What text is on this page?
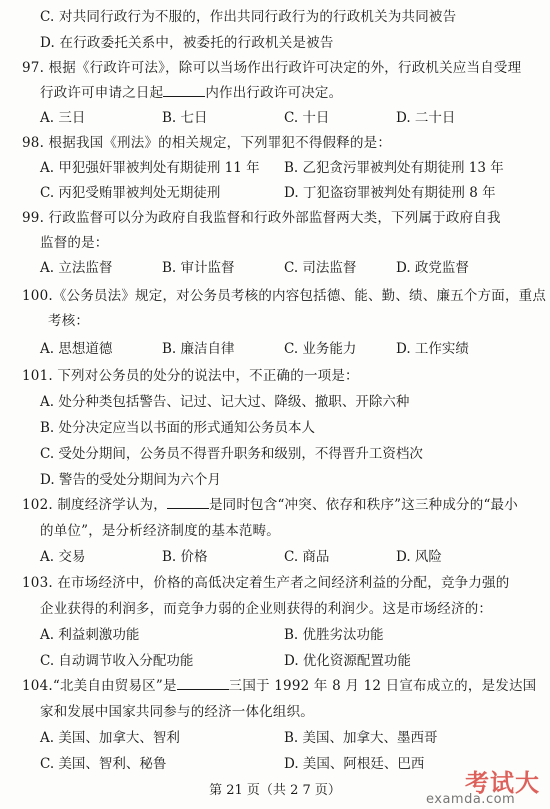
C. 对共同行政行为不服的，作出共同行政行为的行政机关为共同被告
D. 在行政委托关系中，被委托的行政机关是被告
97. 根据《行政许可法》，除可以当场作出行政许可决定的外，行政机关应当自受理
行政许可申请之日起	内作出行政许可决定。
A. 三日	B. 七日	C. 十日	D. 二十日
98. 根据我国《刑法》的相关规定，下列罪犯不得假释的是：
A. 甲犯强奸罪被判处有期徒刑 11 年 B. 乙犯贪污罪被判处有期徒刑 13 年
C. 丙犯受贿罪被判处无期徒刑	D. 丁犯盗窃罪被判处有期徒刑 8 年
99. 行政监督可以分为政府自我监督和行政外部监督两大类，下列属于政府自我
监督的是：
A. 立法监督	B. 审计监督	C. 司法监督	D. 政党监督
100.《公务员法》规定，对公务员考核的内容包括德、能、勤、绩、廉五个方面，重点
考核：
A. 思想道德	B. 廉洁自律	C. 业务能力	D. 工作实绩
101. 下列对公务员的处分的说法中，不正确的一项是：
A. 处分种类包括警告、记过、记大过、降级、撤职、开除六种
B. 处分决定应当以书面的形式通知公务员本人
C. 受处分期间，公务员不得晋升职务和级别，不得晋升工资档次
D. 警告的受处分期间为六个月
102. 制度经济学认为，	是同时包含“冲突、依存和秩序”这三种成分的“最小
的单位”，是分析经济制度的基本范畴。
A. 交易	B. 价格	C. 商品	D. 风险
103. 在市场经济中，价格的高低决定着生产者之间经济利益的分配，竞争力强的
企业获得的利润多，而竞争力弱的企业则获得的利润少。这是市场经济的：
A. 利益刺激功能	B. 优胜劣汰功能
C. 自动调节收入分配功能	D. 优化资源配置功能
104.“北美自由贸易区”是	三国于 1992 年 8 月 12 日宣布成立的，是发达国
家和发展中国家共同参与的经济一体化组织。
A. 美国、加拿大、智利	B. 美国、加拿大、墨西哥
C. 美国、智利、秘鲁	D. 美国、阿根廷、巴西
第 21 页（共 2 7 页）	考试大
examda.com
